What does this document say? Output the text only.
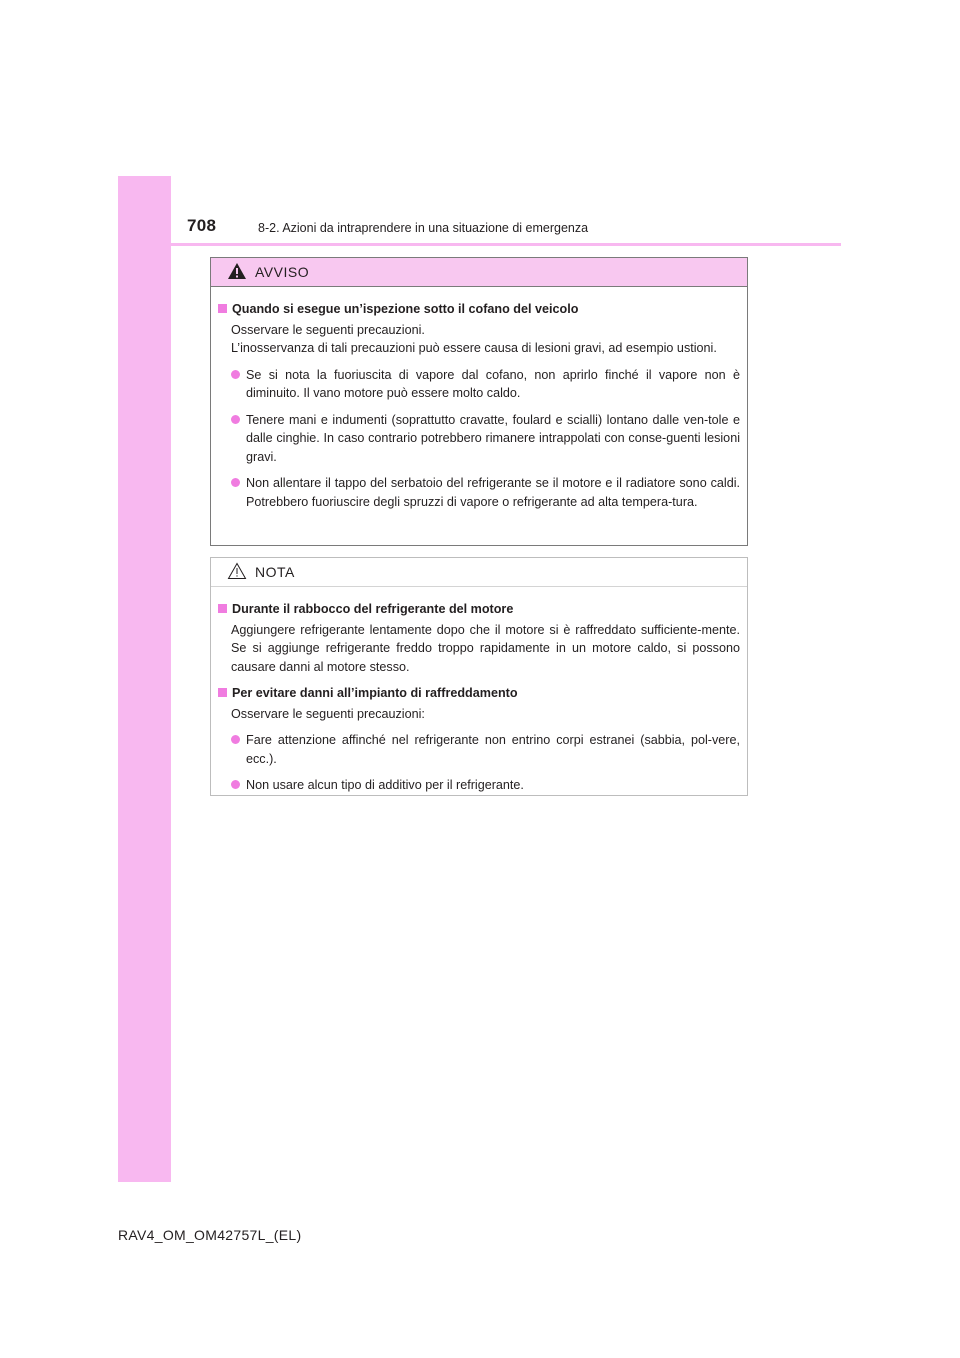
708	8-2. Azioni da intraprendere in una situazione di emergenza
AVVISO
Quando si esegue un’ispezione sotto il cofano del veicolo
Osservare le seguenti precauzioni.
L’inosservanza di tali precauzioni può essere causa di lesioni gravi, ad esempio ustioni.
Se si nota la fuoriuscita di vapore dal cofano, non aprirlo finché il vapore non è diminuito. Il vano motore può essere molto caldo.
Tenere mani e indumenti (soprattutto cravatte, foulard e scialli) lontano dalle ven-tole e dalle cinghie. In caso contrario potrebbero rimanere intrappolati con conse-guenti lesioni gravi.
Non allentare il tappo del serbatoio del refrigerante se il motore e il radiatore sono caldi. Potrebbero fuoriuscire degli spruzzi di vapore o refrigerante ad alta tempera-tura.
NOTA
Durante il rabbocco del refrigerante del motore
Aggiungere refrigerante lentamente dopo che il motore si è raffreddato sufficiente-mente. Se si aggiunge refrigerante freddo troppo rapidamente in un motore caldo, si possono causare danni al motore stesso.
Per evitare danni all’impianto di raffreddamento
Osservare le seguenti precauzioni:
Fare attenzione affinché nel refrigerante non entrino corpi estranei (sabbia, pol-vere, ecc.).
Non usare alcun tipo di additivo per il refrigerante.
RAV4_OM_OM42757L_(EL)
